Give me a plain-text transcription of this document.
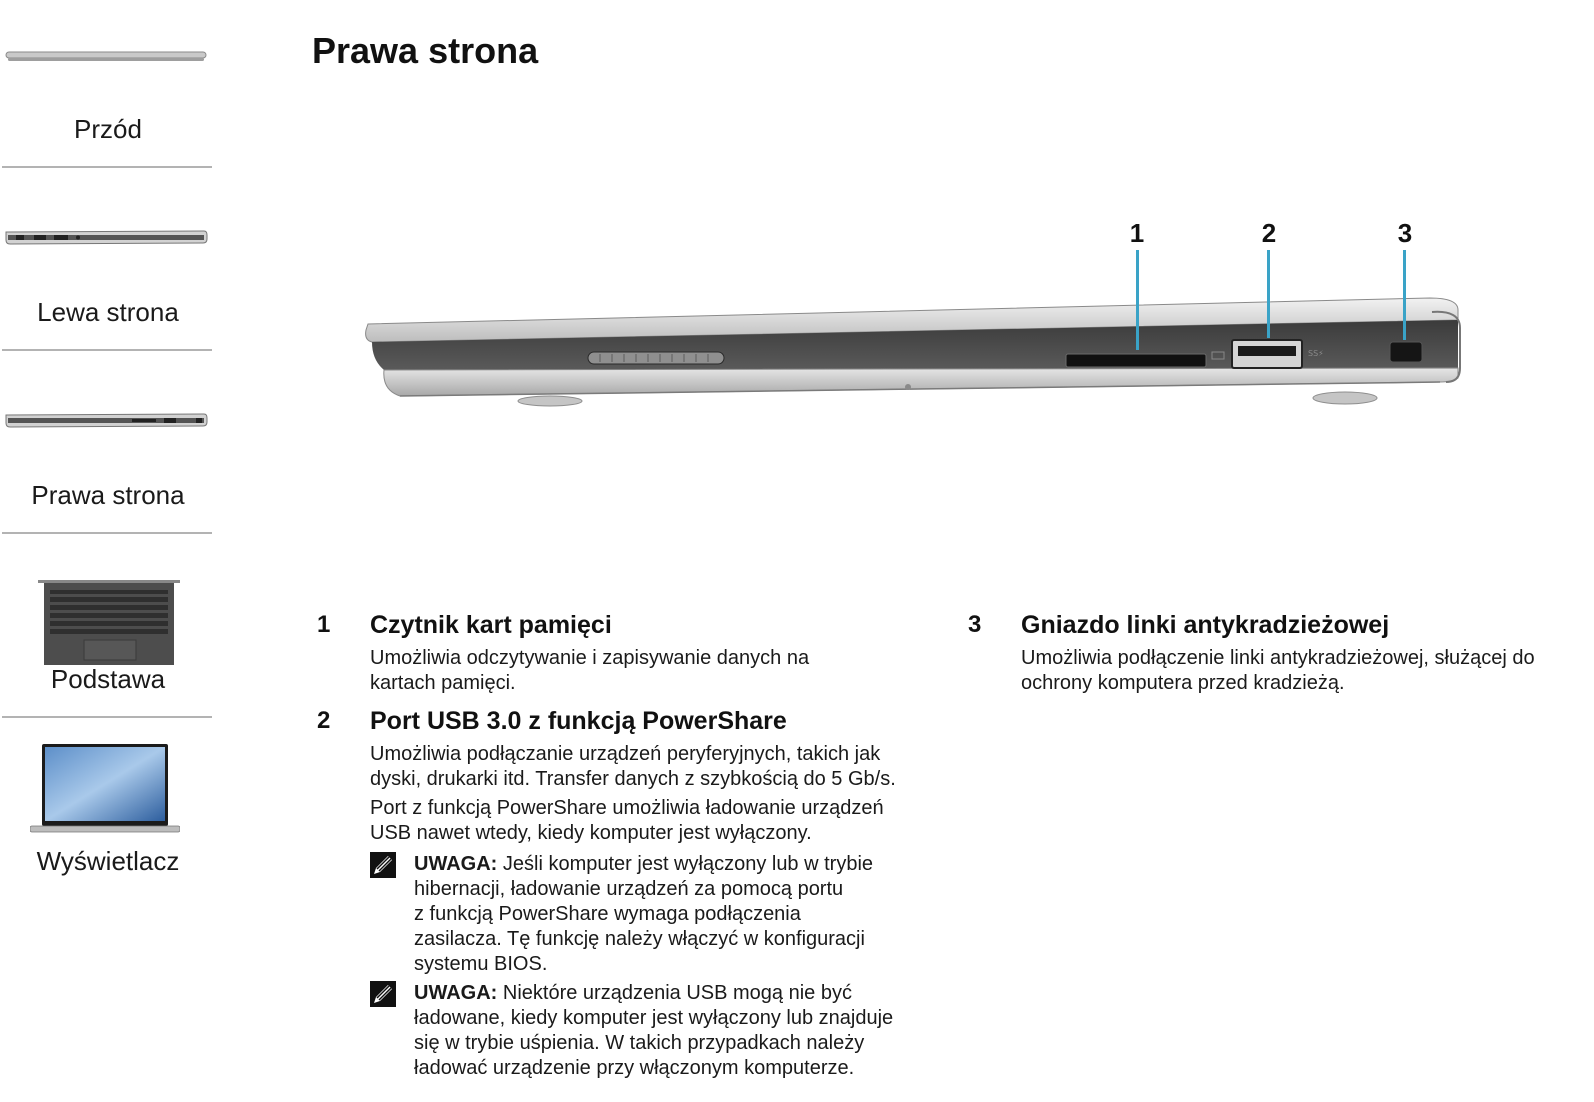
Przód
Lewa strona
Prawa strona
Podstawa
Wyświetlacz
Prawa strona
SS⚡
1	2	3
1 Czytnik kart pamięci
Umożliwia odczytywanie i zapisywanie danych na
kartach pamięci.
2 Port USB 3.0 z funkcją PowerShare
Umożliwia podłączanie urządzeń peryferyjnych, takich jak
dyski, drukarki itd. Transfer danych z szybkością do 5 Gb/s.
Port z funkcją PowerShare umożliwia ładowanie urządzeń
USB nawet wtedy, kiedy komputer jest wyłączony.
UWAGA: Jeśli komputer jest wyłączony lub w trybie
hibernacji, ładowanie urządzeń za pomocą portu
z funkcją PowerShare wymaga podłączenia
zasilacza. Tę funkcję należy włączyć w konfiguracji
systemu BIOS.
UWAGA: Niektóre urządzenia USB mogą nie być
ładowane, kiedy komputer jest wyłączony lub znajduje
się w trybie uśpienia. W takich przypadkach należy
ładować urządzenie przy włączonym komputerze.
3 Gniazdo linki antykradzieżowej
Umożliwia podłączenie linki antykradzieżowej, służącej do
ochrony komputera przed kradzieżą.
